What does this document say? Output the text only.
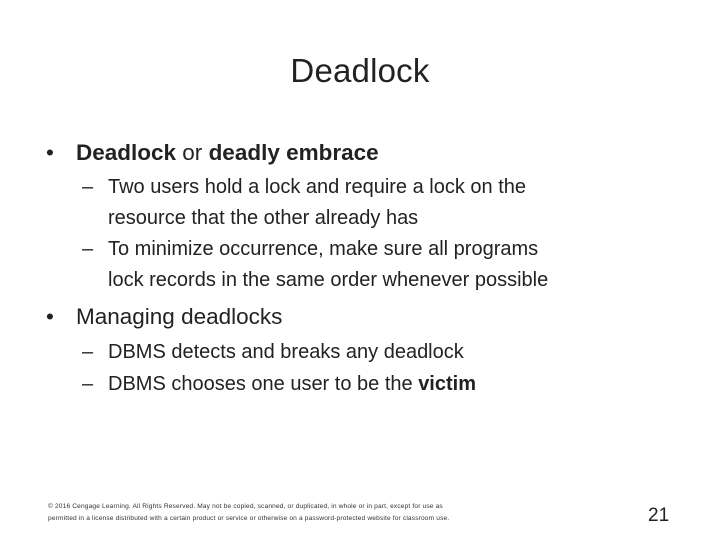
Deadlock
• Deadlock or deadly embrace
– Two users hold a lock and require a lock on the
resource that the other already has
– To minimize occurrence, make sure all programs
lock records in the same order whenever possible
• Managing deadlocks
– DBMS detects and breaks any deadlock
– DBMS chooses one user to be the victim
© 2016 Cengage Learning. All Rights Reserved. May not be copied, scanned, or duplicated, in whole or in part, except for use as
permitted in a license distributed with a certain product or service or otherwise on a password-protected website for classroom use.	21
